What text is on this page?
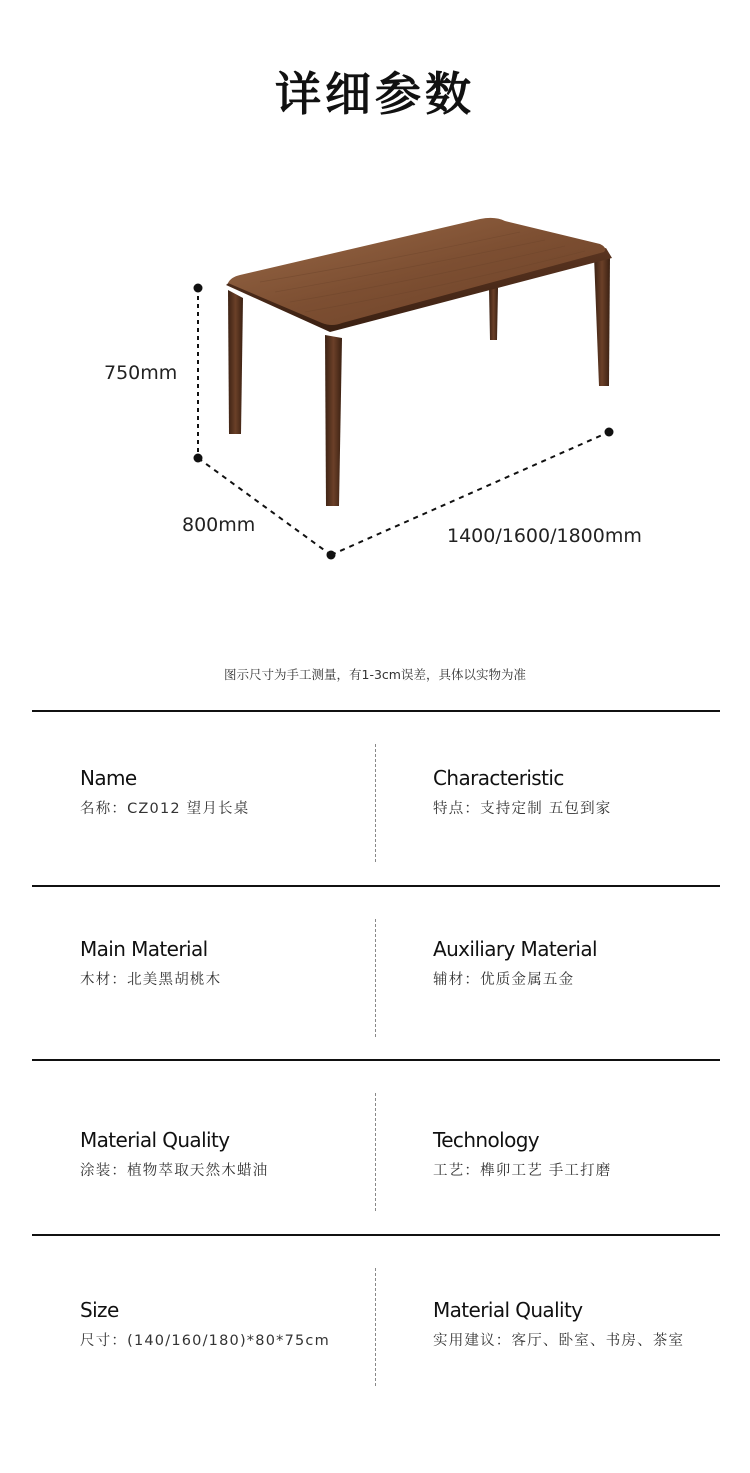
详细参数
750mm
800mm	1400/1600/1800mm
图示尺寸为手工测量，有1-3cm误差，具体以实物为准
Name
名称：CZ012 望月长桌
Characteristic
特点：支持定制 五包到家
Main Material
木材：北美黑胡桃木
Auxiliary Material
辅材：优质金属五金
Material Quality
涂装：植物萃取天然木蜡油
Technology
工艺：榫卯工艺 手工打磨
Size
尺寸：(140/160/180)*80*75cm
Material Quality
实用建议：客厅、卧室、书房、茶室
